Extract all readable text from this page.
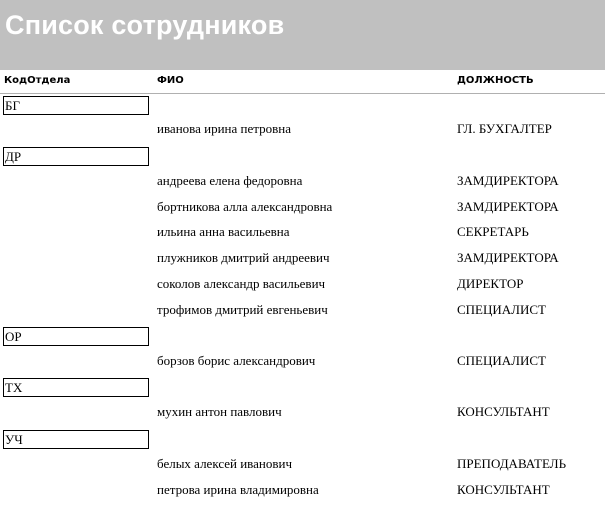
Список сотрудников
КодОтдела	ФИО	ДОЛЖНОСТЬ
БГ
иванова ирина петровна	ГЛ. БУХГАЛТЕР
ДР
андреева елена федоровна	ЗАМДИРЕКТОРА
бортникова алла александровна	ЗАМДИРЕКТОРА
ильина анна васильевна	СЕКРЕТАРЬ
плужников дмитрий андреевич	ЗАМДИРЕКТОРА
соколов александр васильевич	ДИРЕКТОР
трофимов дмитрий евгеньевич	СПЕЦИАЛИСТ
ОР
борзов борис александрович	СПЕЦИАЛИСТ
ТХ
мухин антон павлович	КОНСУЛЬТАНТ
УЧ
белых алексей иванович	ПРЕПОДАВАТЕЛЬ
петрова ирина владимировна	КОНСУЛЬТАНТ
